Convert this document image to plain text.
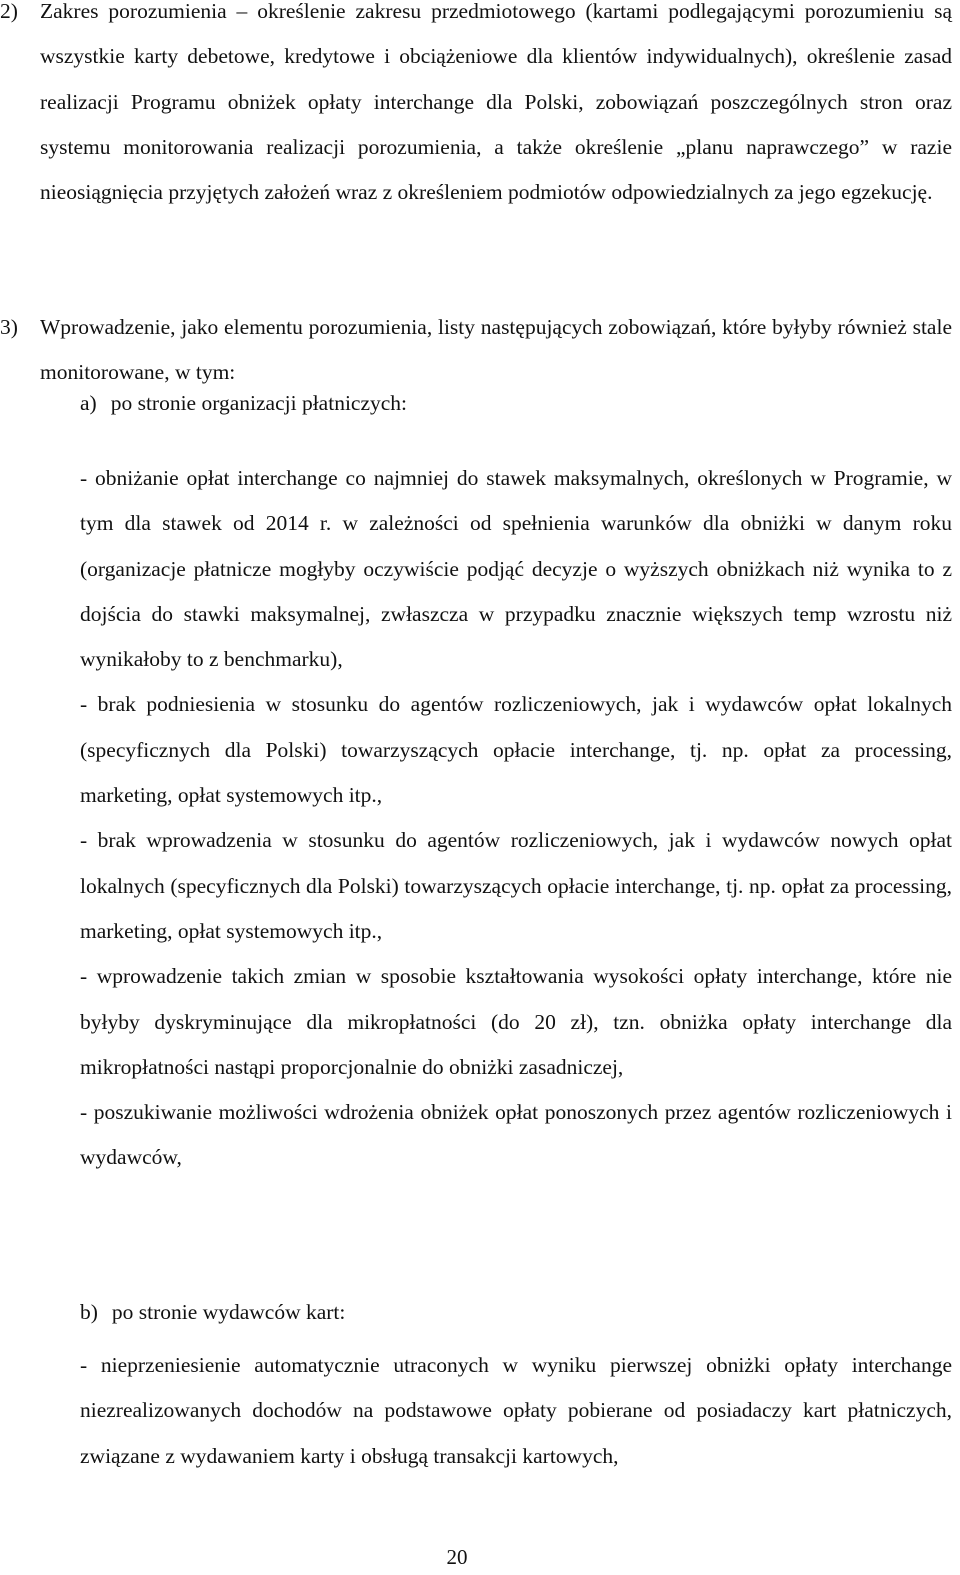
2) Zakres porozumienia – określenie zakresu przedmiotowego (kartami podlegającymi porozumieniu są wszystkie karty debetowe, kredytowe i obciążeniowe dla klientów indywidualnych), określenie zasad realizacji Programu obniżek opłaty interchange dla Polski, zobowiązań poszczególnych stron oraz systemu monitorowania realizacji porozumienia, a także określenie „planu naprawczego” w razie nieosiągnięcia przyjętych założeń wraz z określeniem podmiotów odpowiedzialnych za jego egzekucję.
3) Wprowadzenie, jako elementu porozumienia, listy następujących zobowiązań, które byłyby również stale monitorowane, w tym:
a) po stronie organizacji płatniczych:

- obniżanie opłat interchange co najmniej do stawek maksymalnych, określonych w Programie, w tym dla stawek od 2014 r. w zależności od spełnienia warunków dla obniżki w danym roku (organizacje płatnicze mogłyby oczywiście podjąć decyzje o wyższych obniżkach niż wynika to z dojścia do stawki maksymalnej, zwłaszcza w przypadku znacznie większych temp wzrostu niż wynikałoby to z benchmarku),

- brak podniesienia w stosunku do agentów rozliczeniowych, jak i wydawców opłat lokalnych (specyficznych dla Polski) towarzyszących opłacie interchange, tj. np. opłat za processing, marketing, opłat systemowych itp.,

- brak wprowadzenia w stosunku do agentów rozliczeniowych, jak i wydawców nowych opłat lokalnych (specyficznych dla Polski) towarzyszących opłacie interchange, tj. np. opłat za processing, marketing, opłat systemowych itp.,

- wprowadzenie takich zmian w sposobie kształtowania wysokości opłaty interchange, które nie byłyby dyskryminujące dla mikropłatności (do 20 zł), tzn. obniżka opłaty interchange dla mikropłatności nastąpi proporcjonalnie do obniżki zasadniczej,

- poszukiwanie możliwości wdrożenia obniżek opłat ponoszonych przez agentów rozliczeniowych i wydawców,

b) po stronie wydawców kart:

- nieprzeniesienie automatycznie utraconych w wyniku pierwszej obniżki opłaty interchange niezrealizowanych dochodów na podstawowe opłaty pobierane od posiadaczy kart płatniczych, związane z wydawaniem karty i obsługą transakcji kartowych,

20
